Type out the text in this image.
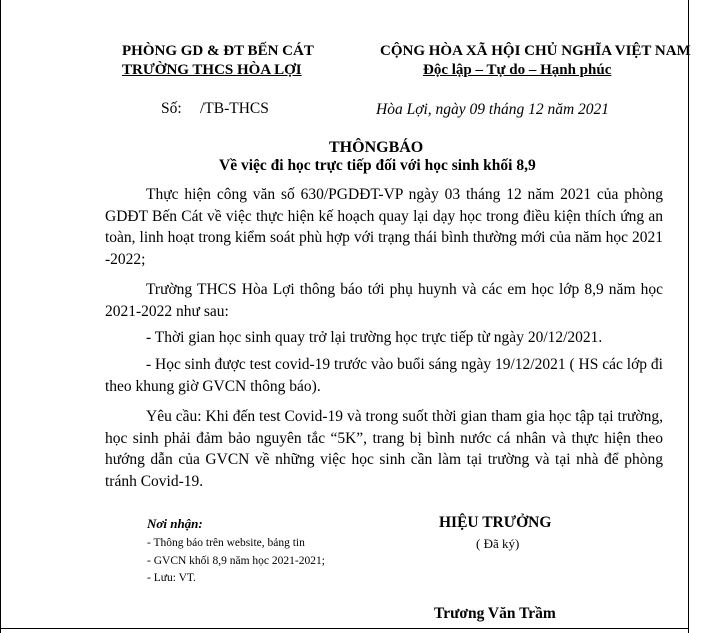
PHÒNG GD & ĐT BẾN CÁT
TRƯỜNG THCS HÒA LỢI
CỘNG HÒA XÃ HỘI CHỦ NGHĨA VIỆT NAM
Độc lập – Tự do – Hạnh phúc
Số: /TB-THCS	Hòa Lợi, ngày 09 tháng 12 năm 2021
THÔNGBÁO
Về việc đi học trực tiếp đối với học sinh khối 8,9
Thực hiện công văn số 630/PGDĐT-VP ngày 03 tháng 12 năm 2021 của phòng GDĐT Bến Cát về việc thực hiện kế hoạch quay lại dạy học trong điều kiện thích ứng an toàn, linh hoạt trong kiểm soát phù hợp với trạng thái bình thường mới của năm học 2021 -2022;
Trường THCS Hòa Lợi thông báo tới phụ huynh và các em học lớp 8,9 năm học 2021-2022 như sau:
- Thời gian học sinh quay trở lại trường học trực tiếp từ ngày 20/12/2021.
- Học sinh được test covid-19 trước vào buổi sáng ngày 19/12/2021 ( HS các lớp đi theo khung giờ GVCN thông báo).
Yêu cầu: Khi đến test Covid-19 và trong suốt thời gian tham gia học tập tại trường, học sinh phải đảm bảo nguyên tắc “5K”, trang bị bình nước cá nhân và thực hiện theo hướng dẫn của GVCN về những việc học sinh cần làm tại trường và tại nhà để phòng tránh Covid-19.
Nơi nhận:
- Thông báo trên website, bảng tin
- GVCN khối 8,9 năm học 2021-2021;
- Lưu: VT.
HIỆU TRƯỞNG
( Đã ký)
Trương Văn Trầm
